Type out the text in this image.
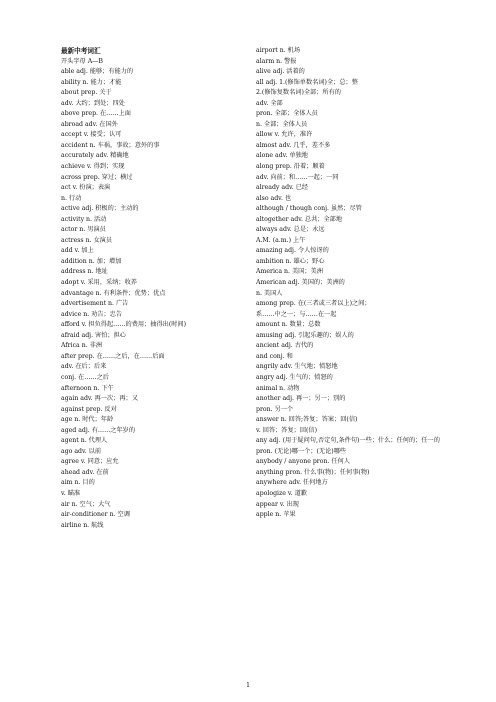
最新中考词汇
开头字母 A—B
able adj. 能够；有能力的
ability n. 能力；才能
about prep. 关于
adv. 大约；到处；四处
above prep. 在……上面
abroad adv. 在国外
accept v. 接受；认可
accident n. 车祸，事故；意外的事
accurately adv. 精确地
achieve v. 得到；实现
across prep. 穿过；横过
act v. 扮演；表演
n. 行动
active adj. 积极的；主动的
activity n. 活动
actor n. 男演员
actress n. 女演员
add v. 加上
addition n. 加；增加
address n. 地址
adopt v. 采用，采纳；收养
advantage n. 有利条件；优势；优点
advertisement n. 广告
advice n. 劝告；忠告
afford v. 担负得起……的费用；抽得出(时间)
afraid adj. 害怕；担心
Africa n. 非洲
after prep. 在……之后，在……后面
adv. 在后；后来
conj. 在……之后
afternoon n. 下午
again adv. 再一次；再；又
against prep. 反对
age n. 时代；年龄
aged adj. 有……之年岁的
agent n. 代理人
ago adv. 以前
agree v. 同意；应允
ahead adv. 在前
aim n. 目的
v. 瞄准
air n. 空气；大气
air-conditioner n. 空调
airline n. 航线
airport n. 机场
alarm n. 警报
alive adj. 活着的
all adj. 1.(修饰单数名词)全；总；整
2.(修饰复数名词)全部；所有的
adv. 全部
pron. 全部；全体人员
n. 全部；全体人员
allow v. 允许，准许
almost adv. 几乎，差不多
alone adv. 单独地
along prep. 沿着；顺着
adv. 向前；和……一起；一同
already adv. 已经
also adv. 也
although / though conj. 虽然；尽管
altogether adv. 总共；全部地
always adv. 总是；永远
A.M. (a.m.) 上午
amazing adj. 令人惊讶的
ambition n. 雄心；野心
America n. 美国；美洲
American adj. 美国的；美洲的
n. 美国人
among prep. 在(三者或三者以上)之间；
系……中之一；与……在一起
amount n. 数量；总数
amusing adj. 引起乐趣的；娱人的
ancient adj. 古代的
and conj. 和
angrily adv. 生气地；愤怒地
angry adj. 生气的；愤怒的
animal n. 动物
another adj. 再一；另一；别的
pron. 另一个
answer n. 回答;答复；答案；回(信)
v. 回答；答复；回(信)
any adj. (用于疑问句,否定句,条件句)一些；什么；任何的；任一的
pron. (无论)哪一个；(无论)哪些
anybody / anyone pron. 任何人
anything pron. 什么事(物)；任何事(物)
anywhere adv. 任何地方
apologize v. 道歉
appear v. 出现
apple n. 苹果
1
